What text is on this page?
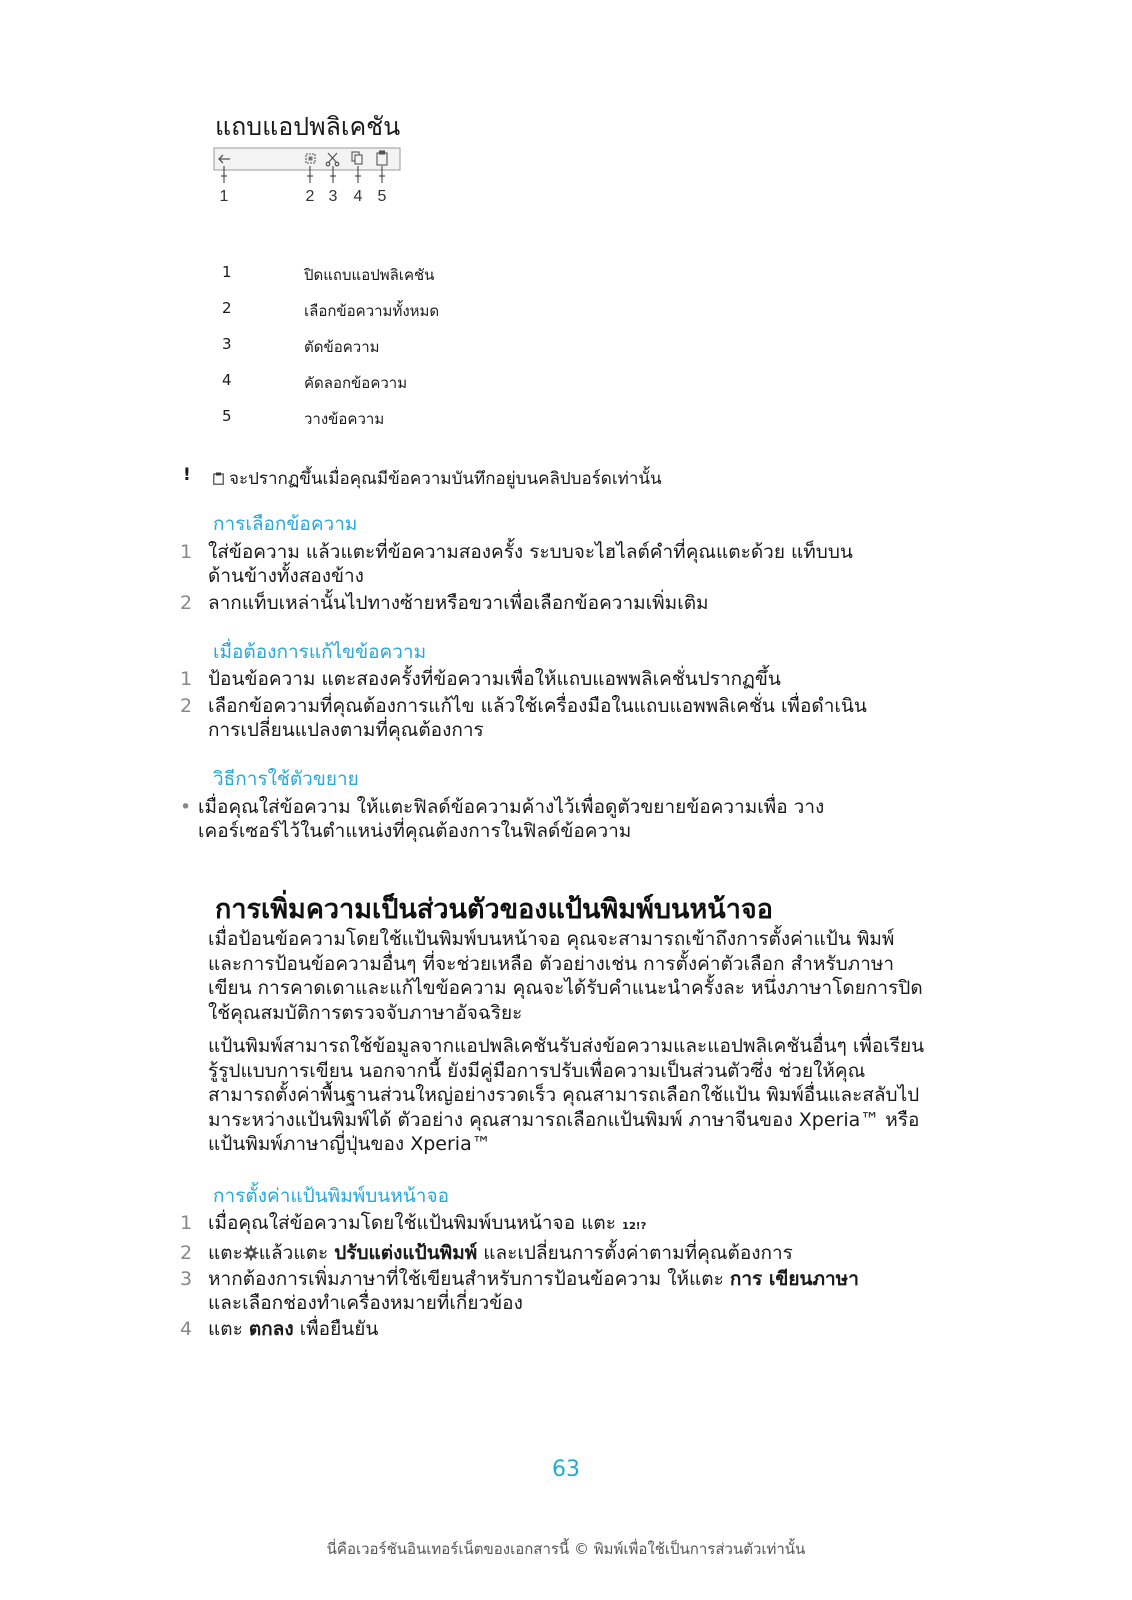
แถบแอปพลิเคชัน
1	2 3 4 5
1	ปิดแถบแอปพลิเคชัน
2	เลือกข้อความทั้งหมด
3	ตัดข้อความ
4	คัดลอกข้อความ
5	วางข้อความ
!	จะปรากฏขึ้นเมื่อคุณมีข้อความบันทึกอยู่บนคลิปบอร์ดเท่านั้น
การเลือกข้อความ
1 ใส่ข้อความ แล้วแตะที่ข้อความสองครั้ง ระบบจะไฮไลต์คำที่คุณแตะด้วย แท็บบนด้านข้างทั้งสองข้าง
2 ลากแท็บเหล่านั้นไปทางซ้ายหรือขวาเพื่อเลือกข้อความเพิ่มเติม
เมื่อต้องการแก้ไขข้อความ
1 ป้อนข้อความ แตะสองครั้งที่ข้อความเพื่อให้แถบแอพพลิเคชั่นปรากฏขึ้น
2 เลือกข้อความที่คุณต้องการแก้ไข แล้วใช้เครื่องมือในแถบแอพพลิเคชั่น เพื่อดำเนินการเปลี่ยนแปลงตามที่คุณต้องการ
วิธีการใช้ตัวขยาย
• เมื่อคุณใส่ข้อความ ให้แตะฟิลด์ข้อความค้างไว้เพื่อดูตัวขยายข้อความเพื่อ วางเคอร์เซอร์ไว้ในตำแหน่งที่คุณต้องการในฟิลด์ข้อความ
การเพิ่มความเป็นส่วนตัวของแป้นพิมพ์บนหน้าจอ
เมื่อป้อนข้อความโดยใช้แป้นพิมพ์บนหน้าจอ คุณจะสามารถเข้าถึงการตั้งค่าแป้น พิมพ์และการป้อนข้อความอื่นๆ ที่จะช่วยเหลือ ตัวอย่างเช่น การตั้งค่าตัวเลือก สำหรับภาษาเขียน การคาดเดาและแก้ไขข้อความ คุณจะได้รับคำแนะนำครั้งละ หนึ่งภาษาโดยการปิดใช้คุณสมบัติการตรวจจับภาษาอัจฉริยะ
แป้นพิมพ์สามารถใช้ข้อมูลจากแอปพลิเคชันรับส่งข้อความและแอปพลิเคชันอื่นๆ เพื่อเรียนรู้รูปแบบการเขียน นอกจากนี้ ยังมีคู่มือการปรับเพื่อความเป็นส่วนตัวซึ่ง ช่วยให้คุณสามารถตั้งค่าพื้นฐานส่วนใหญ่อย่างรวดเร็ว คุณสามารถเลือกใช้แป้น พิมพ์อื่นและสลับไปมาระหว่างแป้นพิมพ์ได้ ตัวอย่าง คุณสามารถเลือกแป้นพิมพ์ ภาษาจีนของ Xperia™ หรือแป้นพิมพ์ภาษาญี่ปุ่นของ Xperia™
การตั้งค่าแป้นพิมพ์บนหน้าจอ
1 เมื่อคุณใส่ข้อความโดยใช้แป้นพิมพ์บนหน้าจอ แตะ 12!?
2 แตะ แล้วแตะ ปรับแต่งแป้นพิมพ์ และเปลี่ยนการตั้งค่าตามที่คุณต้องการ
3 หากต้องการเพิ่มภาษาที่ใช้เขียนสำหรับการป้อนข้อความ ให้แตะ การ เขียนภาษา และเลือกช่องทำเครื่องหมายที่เกี่ยวข้อง
4 แตะ ตกลง เพื่อยืนยัน
63
นี่คือเวอร์ชันอินเทอร์เน็ตของเอกสารนี้ © พิมพ์เพื่อใช้เป็นการส่วนตัวเท่านั้น
